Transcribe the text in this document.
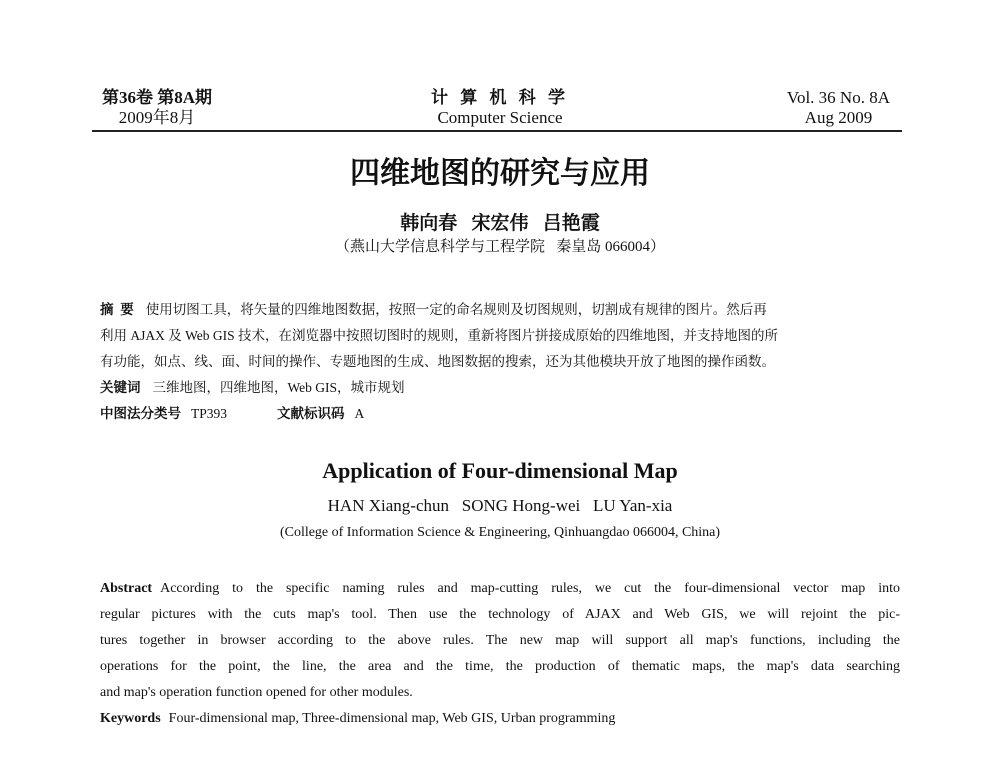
第36卷 第8A期
2009年8月
计 算 机 科 学
Computer Science
Vol. 36 No. 8A
Aug 2009
四维地图的研究与应用
韩向春   宋宏伟   吕艳霞
（燕山大学信息科学与工程学院   秦皇岛 066004）
摘  要 使用切图工具，将矢量的四维地图数据，按照一定的命名规则及切图规则，切割成有规律的图片。然后再
利用 AJAX 及 Web GIS 技术，在浏览器中按照切图时的规则，重新将图片拼接成原始的四维地图，并支持地图的所
有功能，如点、线、面、时间的操作、专题地图的生成、地图数据的搜索，还为其他模块开放了地图的操作函数。
关键词 三维地图，四维地图，Web GIS，城市规划
中图法分类号 TP393	文献标识码 A
Application of Four-dimensional Map
HAN Xiang-chun   SONG Hong-wei   LU Yan-xia
(College of Information Science & Engineering, Qinhuangdao 066004, China)
Abstract According to the specific naming rules and map-cutting rules, we cut the four-dimensional vector map into
regular pictures with the cuts map's tool. Then use the technology of AJAX and Web GIS, we will rejoint the pic-
tures together in browser according to the above rules. The new map will support all map's functions, including the
operations for the point, the line, the area and the time, the production of thematic maps, the map's data searching
and map's operation function opened for other modules.
Keywords Four-dimensional map, Three-dimensional map, Web GIS, Urban programming
